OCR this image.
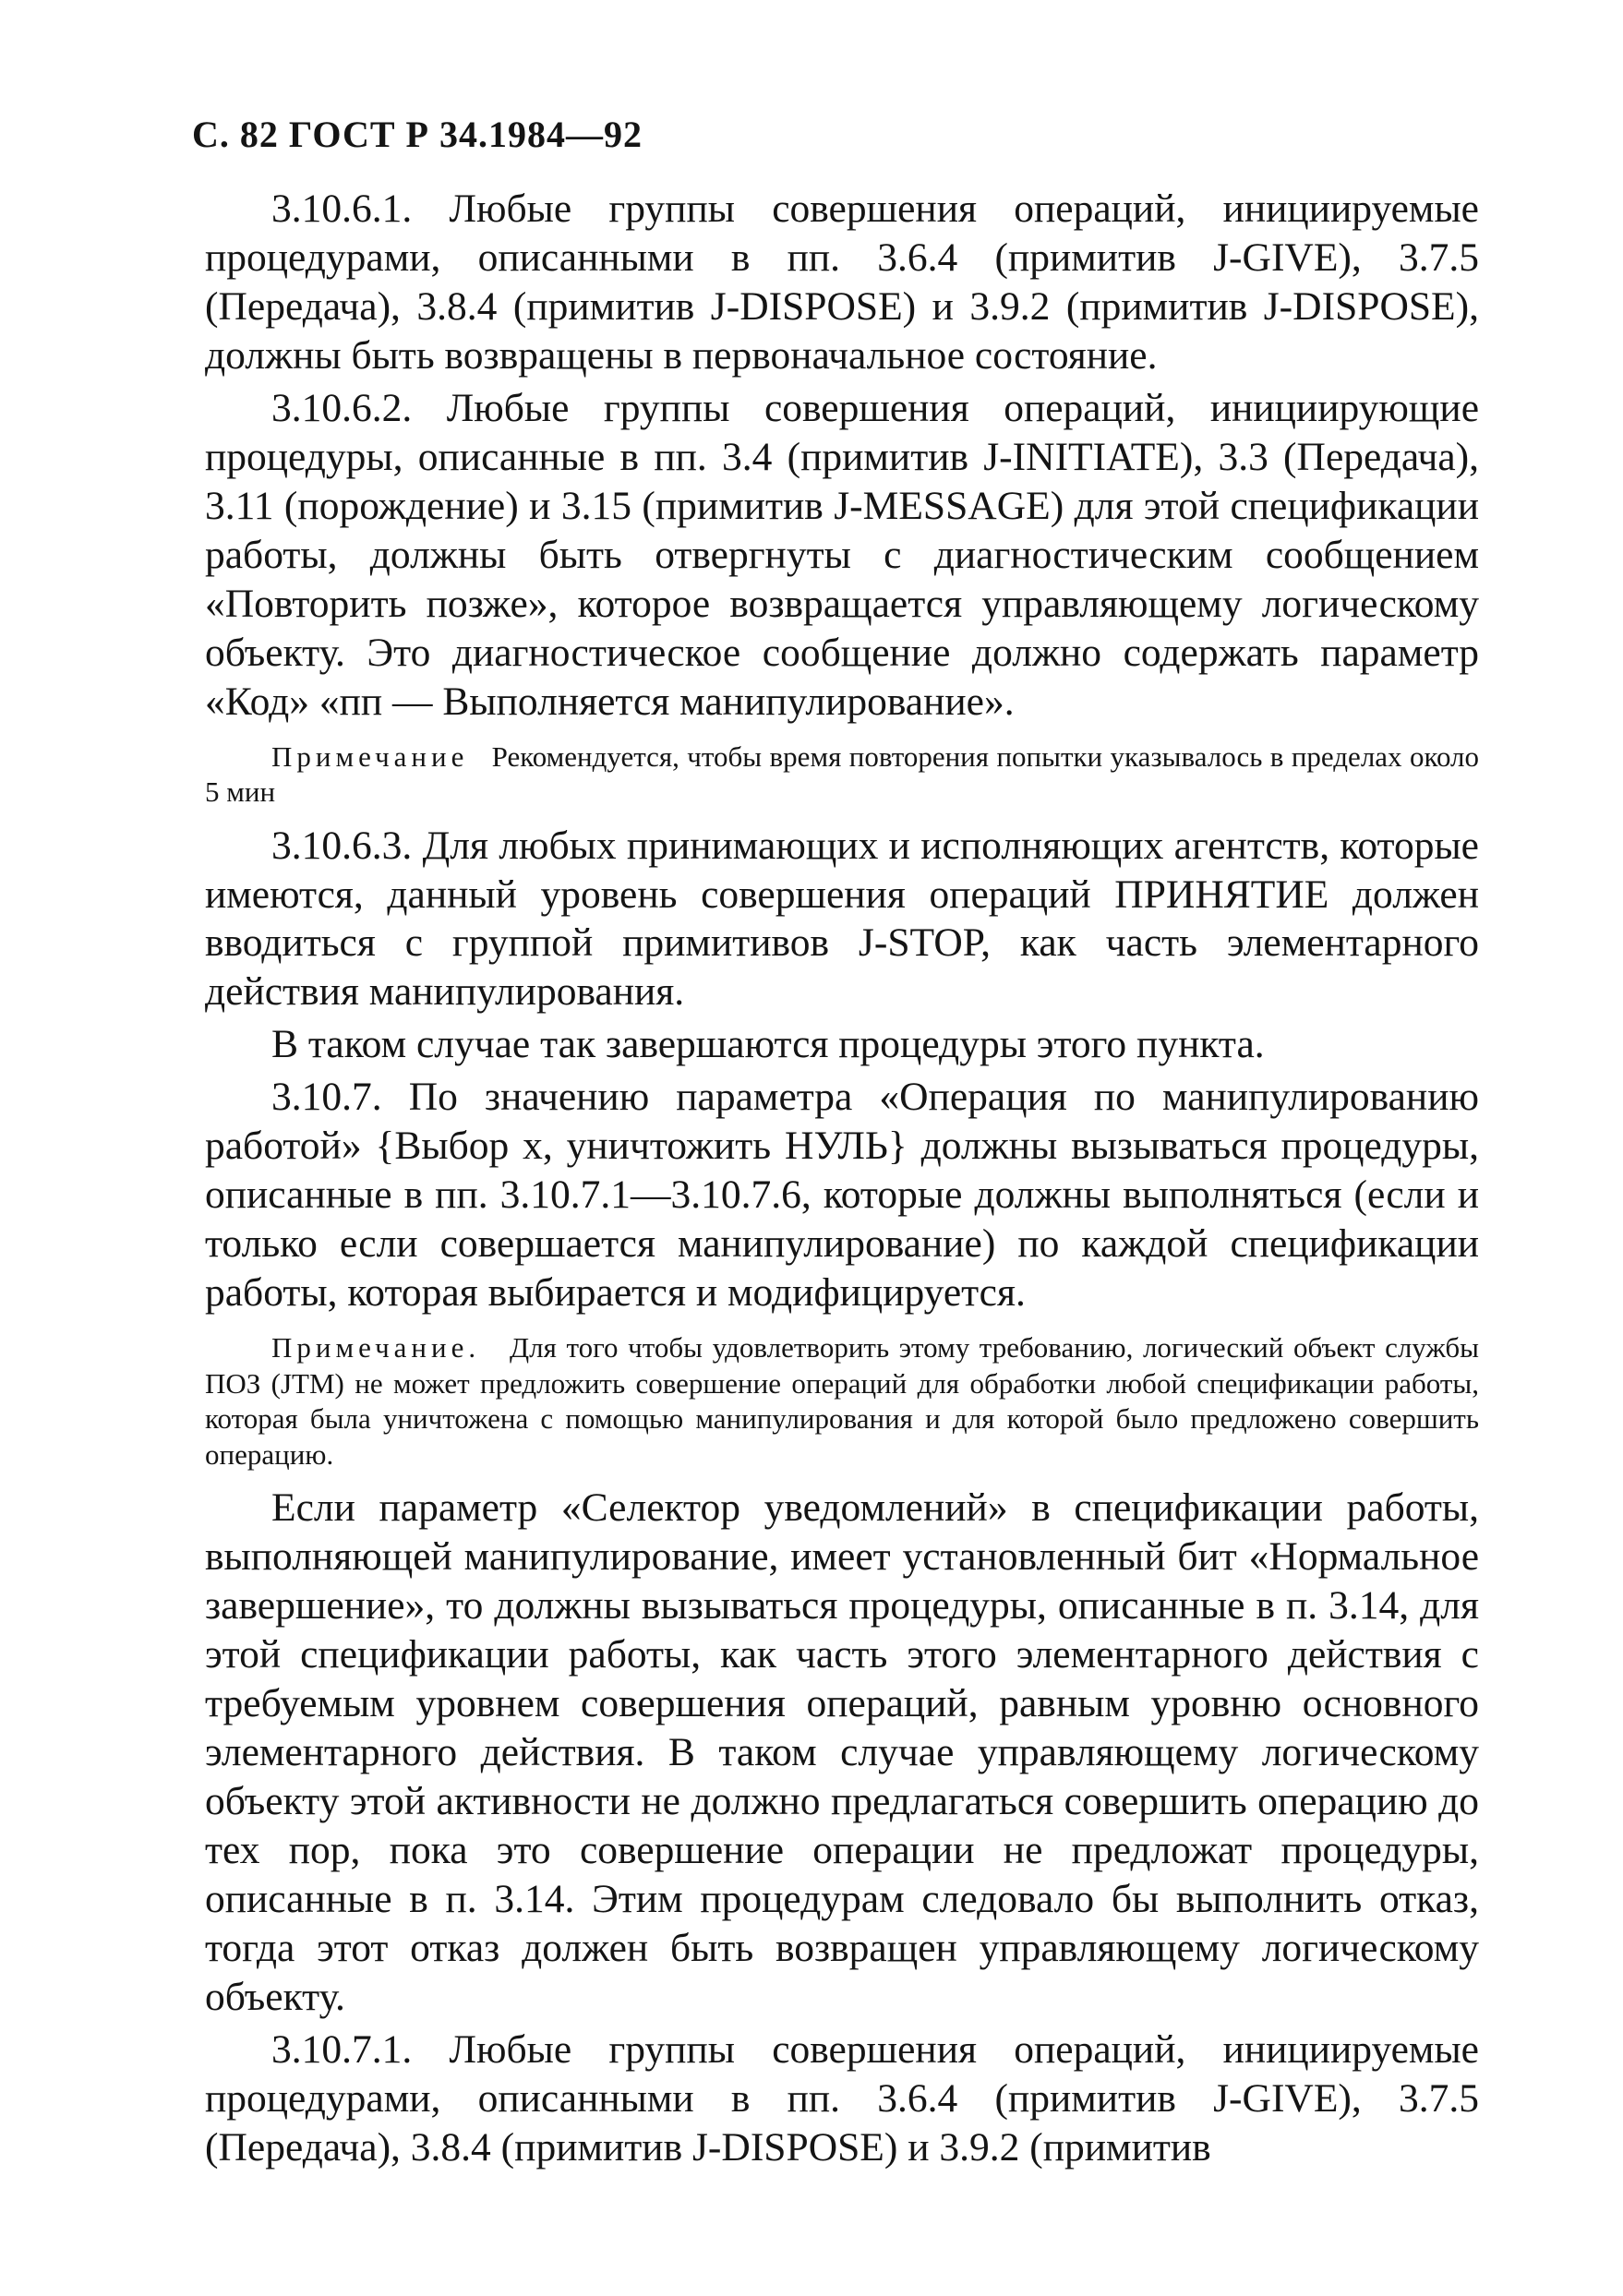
С. 82 ГОСТ Р 34.1984—92

3.10.6.1. Любые группы совершения операций, инициируемые процедурами, описанными в пп. 3.6.4 (примитив J-GIVE), 3.7.5 (Передача), 3.8.4 (примитив J-DISPOSE) и 3.9.2 (примитив J-DISPOSE), должны быть возвращены в первоначальное состояние.

3.10.6.2. Любые группы совершения операций, инициирующие процедуры, описанные в пп. 3.4 (примитив J-INITIATE), 3.3 (Передача), 3.11 (порождение) и 3.15 (примитив J-MESSAGE) для этой спецификации работы, должны быть отвергнуты с диагностическим сообщением «Повторить позже», которое возвращается управляющему логическому объекту. Это диагностическое сообщение должно содержать параметр «Код» «пп — Выполняется манипулирование».

Примечание Рекомендуется, чтобы время повторения попытки указывалось в пределах около 5 мин

3.10.6.3. Для любых принимающих и исполняющих агентств, которые имеются, данный уровень совершения операций ПРИНЯТИЕ должен вводиться с группой примитивов J-STOP, как часть элементарного действия манипулирования.

В таком случае так завершаются процедуры этого пункта.

3.10.7. По значению параметра «Операция по манипулированию работой» {Выбор х, уничтожить НУЛЬ} должны вызываться процедуры, описанные в пп. 3.10.7.1—3.10.7.6, которые должны выполняться (если и только если совершается манипулирование) по каждой спецификации работы, которая выбирается и модифицируется.

Примечание. Для того чтобы удовлетворить этому требованию, логический объект службы ПОЗ (JTM) не может предложить совершение операций для обработки любой спецификации работы, которая была уничтожена с помощью манипулирования и для которой было предложено совершить операцию.

Если параметр «Селектор уведомлений» в спецификации работы, выполняющей манипулирование, имеет установленный бит «Нормальное завершение», то должны вызываться процедуры, описанные в п. 3.14, для этой спецификации работы, как часть этого элементарного действия с требуемым уровнем совершения операций, равным уровню основного элементарного действия. В таком случае управляющему логическому объекту этой активности не должно предлагаться совершить операцию до тех пор, пока это совершение операции не предложат процедуры, описанные в п. 3.14. Этим процедурам следовало бы выполнить отказ, тогда этот отказ должен быть возвращен управляющему логическому объекту.

3.10.7.1. Любые группы совершения операций, инициируемые процедурами, описанными в пп. 3.6.4 (примитив J-GIVE), 3.7.5 (Передача), 3.8.4 (примитив J-DISPOSE) и 3.9.2 (примитив
